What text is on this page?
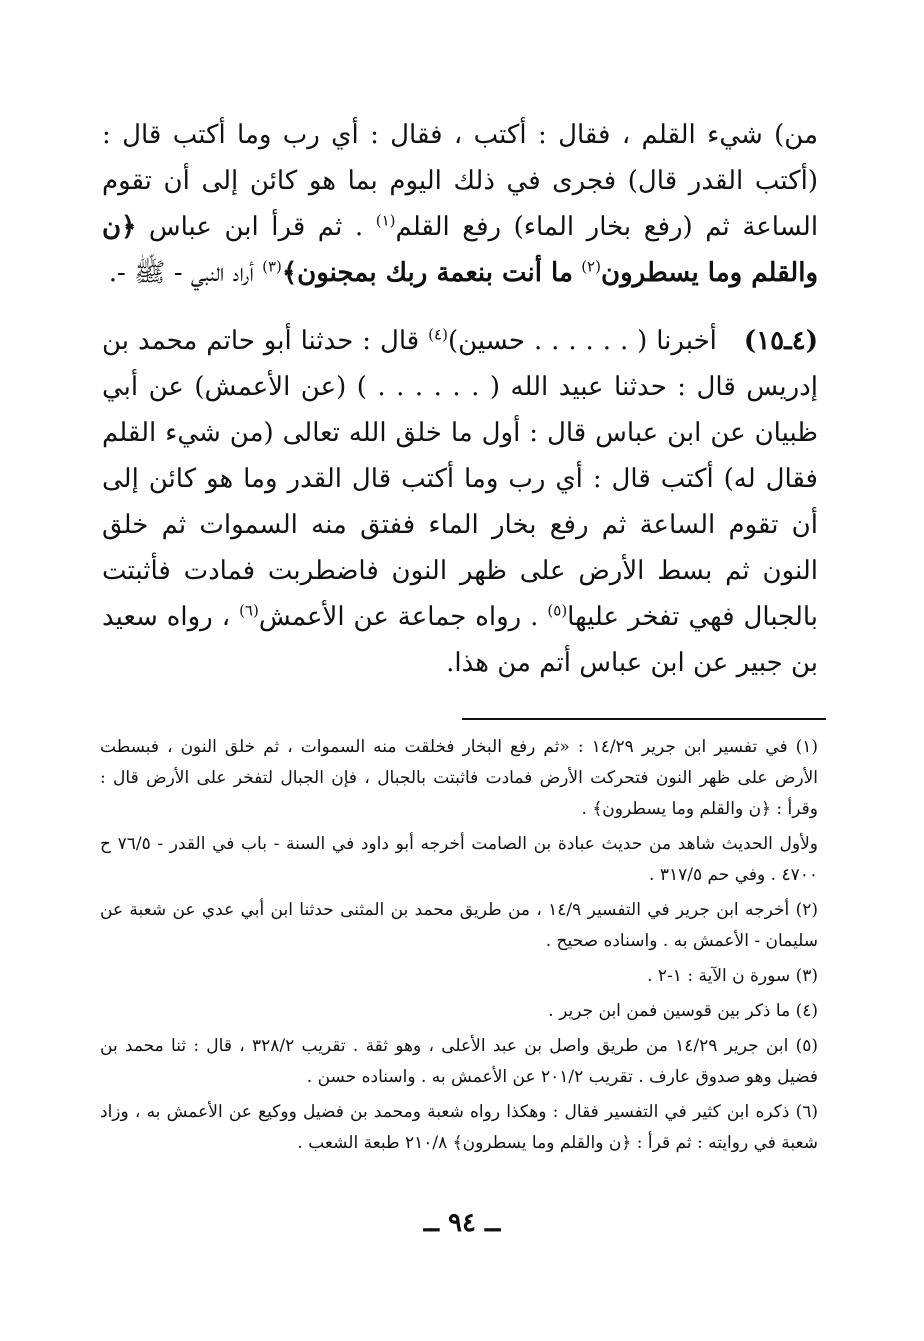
من) شيء القلم ، فقال : أكتب ، فقال : أي رب وما أكتب قال : (أكتب القدر قال) فجرى في ذلك اليوم بما هو كائن إلى أن تقوم الساعة ثم (رفع بخار الماء) رفع القلم$^{(١)}$ . ثم قرأ ابن عباس ﴿ن والقلم وما يسطرون$^{(٢)}$ ما أنت بنعمة ربك بمجنون﴾$^{(٣)}$ أراد النبي - ﷺ -.

(٤ـ١٥) أخبرنا ( . . . . . . حسين)$^{(٤)}$ قال : حدثنا أبو حاتم محمد بن إدريس قال : حدثنا عبيد الله ( . . . . . . ) (عن الأعمش) عن أبي ظبيان عن ابن عباس قال : أول ما خلق الله تعالى (من شيء القلم فقال له) أكتب قال : أي رب وما أكتب قال القدر وما هو كائن إلى أن تقوم الساعة ثم رفع بخار الماء ففتق منه السموات ثم خلق النون ثم بسط الأرض على ظهر النون فاضطربت فمادت فأثبتت بالجبال فهي تفخر عليها$^{(٥)}$ . رواه جماعة عن الأعمش$^{(٦)}$ ، رواه سعيد بن جبير عن ابن عباس أتم من هذا.

(١) في تفسير ابن جرير ١٤/٢٩ : «ثم رفع البخار فخلقت منه السموات ، ثم خلق النون ، فبسطت الأرض على ظهر النون فتحركت الأرض فمادت فاثبتت بالجبال ، فإن الجبال لتفخر على الأرض قال : وقرأ : ﴿ن والقلم وما يسطرون﴾ .

ولأول الحديث شاهد من حديث عبادة بن الصامت أخرجه أبو داود في السنة - باب في القدر - ٧٦/٥ ح ٤٧٠٠ . وفي حم ٣١٧/٥ .

(٢) أخرجه ابن جرير في التفسير ١٤/٩ ، من طريق محمد بن المثنى حدثنا ابن أبي عدي عن شعبة عن سليمان - الأعمش به . واسناده صحيح .

(٣) سورة ن الآية : ١-٢ .

(٤) ما ذكر بين قوسين فمن ابن جرير .

(٥) ابن جرير ١٤/٢٩ من طريق واصل بن عبد الأعلى ، وهو ثقة . تقريب ٣٢٨/٢ ، قال : ثنا محمد بن فضيل وهو صدوق عارف . تقريب ٢٠١/٢ عن الأعمش به . واسناده حسن .

(٦) ذكره ابن كثير في التفسير فقال : وهكذا رواه شعبة ومحمد بن فضيل ووكيع عن الأعمش به ، وزاد شعبة في روايته : ثم قرأ : ﴿ن والقلم وما يسطرون﴾ ٢١٠/٨ طبعة الشعب .

ــ ٩٤ ــ
